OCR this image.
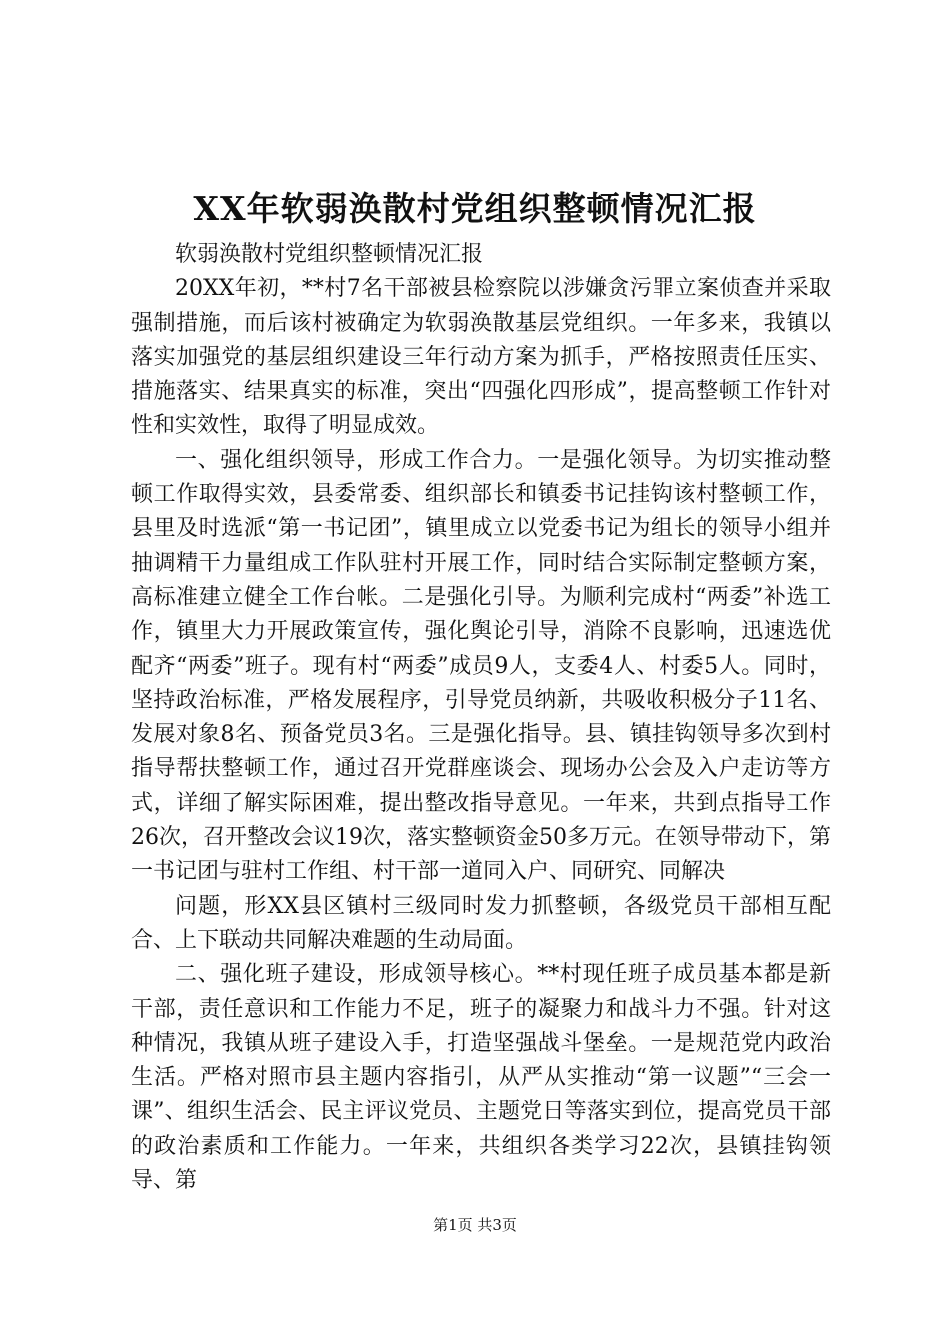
XX年软弱涣散村党组织整顿情况汇报

软弱涣散村党组织整顿情况汇报

20XX年初，**村7名干部被县检察院以涉嫌贪污罪立案侦查并采取强制措施，而后该村被确定为软弱涣散基层党组织。一年多来，我镇以落实加强党的基层组织建设三年行动方案为抓手，严格按照责任压实、措施落实、结果真实的标准，突出“四强化四形成”，提高整顿工作针对性和实效性，取得了明显成效。

一、强化组织领导，形成工作合力。一是强化领导。为切实推动整顿工作取得实效，县委常委、组织部长和镇委书记挂钩该村整顿工作，县里及时选派“第一书记团”，镇里成立以党委书记为组长的领导小组并抽调精干力量组成工作队驻村开展工作，同时结合实际制定整顿方案，高标准建立健全工作台帐。二是强化引导。为顺利完成村“两委”补选工作，镇里大力开展政策宣传，强化舆论引导，消除不良影响，迅速选优配齐“两委”班子。现有村“两委”成员9人，支委4人、村委5人。同时，坚持政治标准，严格发展程序，引导党员纳新，共吸收积极分子11名、发展对象8名、预备党员3名。三是强化指导。县、镇挂钩领导多次到村指导帮扶整顿工作，通过召开党群座谈会、现场办公会及入户走访等方式，详细了解实际困难，提出整改指导意见。一年来，共到点指导工作26次，召开整改会议19次，落实整顿资金50多万元。在领导带动下，第一书记团与驻村工作组、村干部一道同入户、同研究、同解决

问题，形XX县区镇村三级同时发力抓整顿，各级党员干部相互配合、上下联动共同解决难题的生动局面。

二、强化班子建设，形成领导核心。**村现任班子成员基本都是新干部，责任意识和工作能力不足，班子的凝聚力和战斗力不强。针对这种情况，我镇从班子建设入手，打造坚强战斗堡垒。一是规范党内政治生活。严格对照市县主题内容指引，从严从实推动“第一议题”“三会一课”、组织生活会、民主评议党员、主题党日等落实到位，提高党员干部的政治素质和工作能力。一年来，共组织各类学习22次，县镇挂钩领导、第

第1页 共3页
